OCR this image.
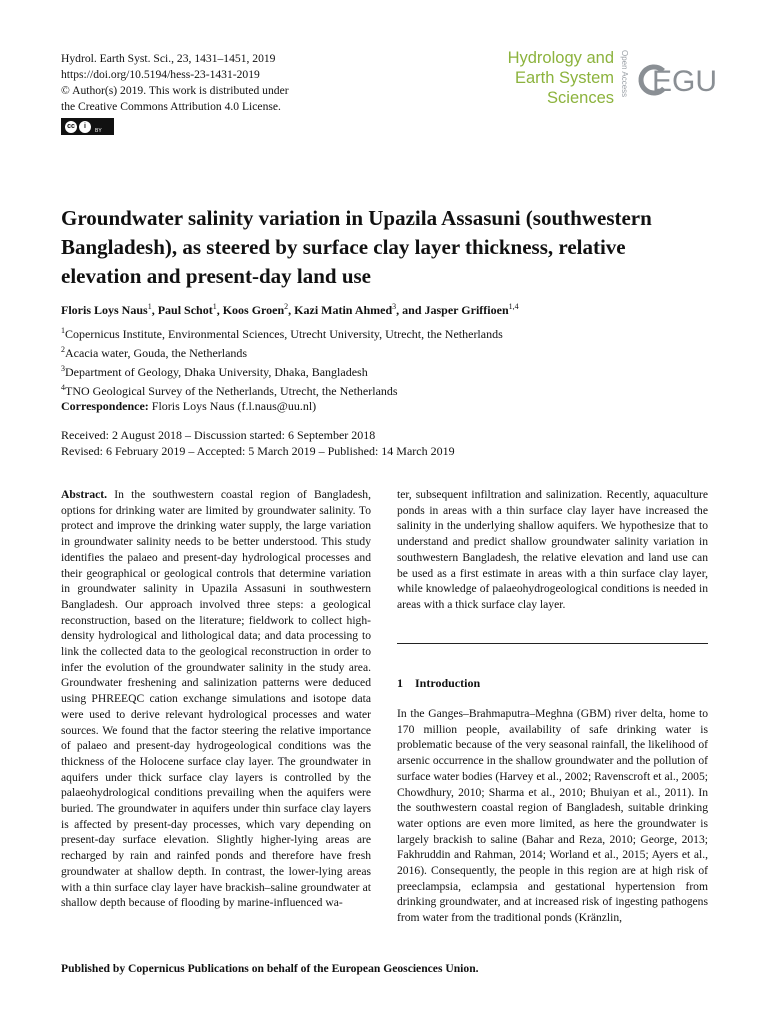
Hydrol. Earth Syst. Sci., 23, 1431–1451, 2019
https://doi.org/10.5194/hess-23-1431-2019
© Author(s) 2019. This work is distributed under
the Creative Commons Attribution 4.0 License.
cc	i
BY
Hydrology and
Earth System
Sciences
Open Access EGU
Groundwater salinity variation in Upazila Assasuni (southwestern Bangladesh), as steered by surface clay layer thickness, relative elevation and present-day land use
Floris Loys Naus$^1$, Paul Schot$^1$, Koos Groen$^2$, Kazi Matin Ahmed$^3$, and Jasper Griffioen$^{1,4}$
$^1$Copernicus Institute, Environmental Sciences, Utrecht University, Utrecht, the Netherlands
$^2$Acacia water, Gouda, the Netherlands
$^3$Department of Geology, Dhaka University, Dhaka, Bangladesh
$^4$TNO Geological Survey of the Netherlands, Utrecht, the Netherlands
Correspondence: Floris Loys Naus (f.l.naus@uu.nl)
Received: 2 August 2018 – Discussion started: 6 September 2018
Revised: 6 February 2019 – Accepted: 5 March 2019 – Published: 14 March 2019

Abstract. In the southwestern coastal region of Bangladesh, options for drinking water are limited by groundwater salinity. To protect and improve the drinking water supply, the large variation in groundwater salinity needs to be better understood. This study identifies the palaeo and present-day hydrological processes and their geographical or geological controls that determine variation in groundwater salinity in Upazila Assasuni in southwestern Bangladesh. Our approach involved three steps: a geological reconstruction, based on the literature; fieldwork to collect high-density hydrological and lithological data; and data processing to link the collected data to the geological reconstruction in order to infer the evolution of the groundwater salinity in the study area. Groundwater freshening and salinization patterns were deduced using PHREEQC cation exchange simulations and isotope data were used to derive relevant hydrological processes and water sources. We found that the factor steering the relative importance of palaeo and present-day hydrogeological conditions was the thickness of the Holocene surface clay layer. The groundwater in aquifers under thick surface clay layers is controlled by the palaeohydrological conditions prevailing when the aquifers were buried. The groundwater in aquifers under thin surface clay layers is affected by present-day processes, which vary depending on present-day surface elevation. Slightly higher-lying areas are recharged by rain and rainfed ponds and therefore have fresh groundwater at shallow depth. In contrast, the lower-lying areas with a thin surface clay layer have brackish–saline groundwater at shallow depth because of flooding by marine-influenced wa-

ter, subsequent infiltration and salinization. Recently, aquaculture ponds in areas with a thin surface clay layer have increased the salinity in the underlying shallow aquifers. We hypothesize that to understand and predict shallow groundwater salinity variation in southwestern Bangladesh, the relative elevation and land use can be used as a first estimate in areas with a thin surface clay layer, while knowledge of palaeohydrogeological conditions is needed in areas with a thick surface clay layer.

1 Introduction

In the Ganges–Brahmaputra–Meghna (GBM) river delta, home to 170 million people, availability of safe drinking water is problematic because of the very seasonal rainfall, the likelihood of arsenic occurrence in the shallow groundwater and the pollution of surface water bodies (Harvey et al., 2002; Ravenscroft et al., 2005; Chowdhury, 2010; Sharma et al., 2010; Bhuiyan et al., 2011). In the southwestern coastal region of Bangladesh, suitable drinking water options are even more limited, as here the groundwater is largely brackish to saline (Bahar and Reza, 2010; George, 2013; Fakhruddin and Rahman, 2014; Worland et al., 2015; Ayers et al., 2016). Consequently, the people in this region are at high risk of preeclampsia, eclampsia and gestational hypertension from drinking groundwater, and at increased risk of ingesting pathogens from water from the traditional ponds (Kränzlin,

Published by Copernicus Publications on behalf of the European Geosciences Union.
